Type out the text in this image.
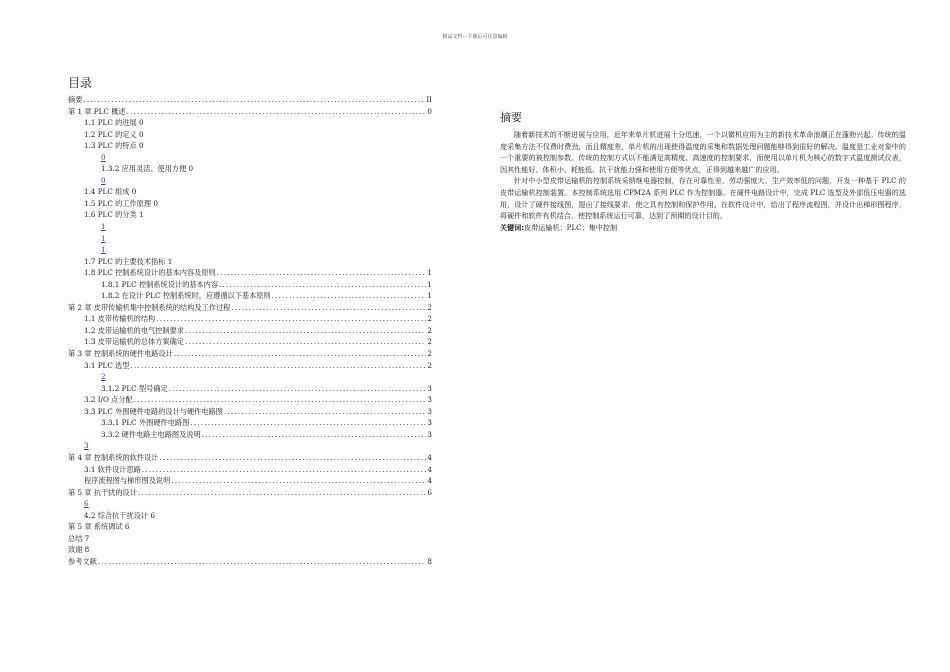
精品文档---下载后可任意编辑
目录
摘要 .....	II
第 1 章 PLC 概述 .....	0
1.1 PLC 的进展 0
1.2 PLC 的定义 0
1.3 PLC 的特点 0
0
1.3.2 应用灵活、使用方便 0
0
1.4 PLC 组成 0
1.5 PLC 的工作原理 0
1.6 PLC 的分类 1
1
1
1
1.7 PLC 的主要技术指标 1
1.8 PLC 控制系统设计的基本内容及原则 .....	1
1.8.1 PLC 控制系统设计的基本内容 .....	1
1.8.2 在设计 PLC 控制系统时，应遵循以下基本原则 .....	1
第 2 章 皮带传输机集中控制系统的结构及工作过程 .....	2
1.1 皮带传输机的结构 .....	2
1.2 皮带运输机的电气控制要求 .....	2
1.3 皮带运输机的总体方案确定 .....	2
第 3 章 控制系统的硬件电路设计 .....	2
3.1 PLC 选型 .....	2
2
3.1.2 PLC 型号确定 .....	3
3.2 I/O 点分配 .....	3
3.3 PLC 外围硬件电路的设计与硬件电路图 .....	3
3.3.1 PLC 外围硬件电路图 .....	3
3.3.2 硬件电路主电路图及说明 .....	3
3
第 4 章 控制系统的软件设计 .....	4
3.1 软件设计思路 .....	4
程序流程图与梯形图及说明 .....	4
第 5 章 抗干扰的设计 .....	6
6
4.2 综合抗干扰设计 6
第 5 章 系统调试 6
总结 7
致谢 8
参考文献 .....	8
摘要

随着新技术的不断进展与应用，近年来单片机进展十分迅速，一个以微机应用为主的新技术革命浪潮正在蓬勃兴起。传统的温度采集方法不仅费时费劲，而且精度差，单片机的出现使得温度的采集和数据处理问题能够得到很好的解决。温度是工业对象中的一个重要的被控制参数。传统的控制方式以不能满足高精度、高速度的控制要求，而使用以单片机为核心的数字式温度测试仪表，因其性能好、体积小、耗能低、抗干扰能力强和使用方便等优点，正得到越来越广的应用。

针对中小型皮带运输机的控制系统采纳继电器控制，存在可靠性差、劳动强度大、生产效率低的问题，开发一种基于 PLC 的皮带运输机控制装置。本控制系统选用 CPM2A 系列 PLC 作为控制器。在硬件电路设计中，完成 PLC 选型及外部低压电器的选用，设计了硬件接线图，提出了接线要求，使之具有控制和保护作用。在软件设计中，给出了程序流程图，并设计出梯形图程序，将硬件和软件有机结合，使控制系统运行可靠，达到了预期的设计目的。

关键词:皮带运输机；PLC；集中控制
